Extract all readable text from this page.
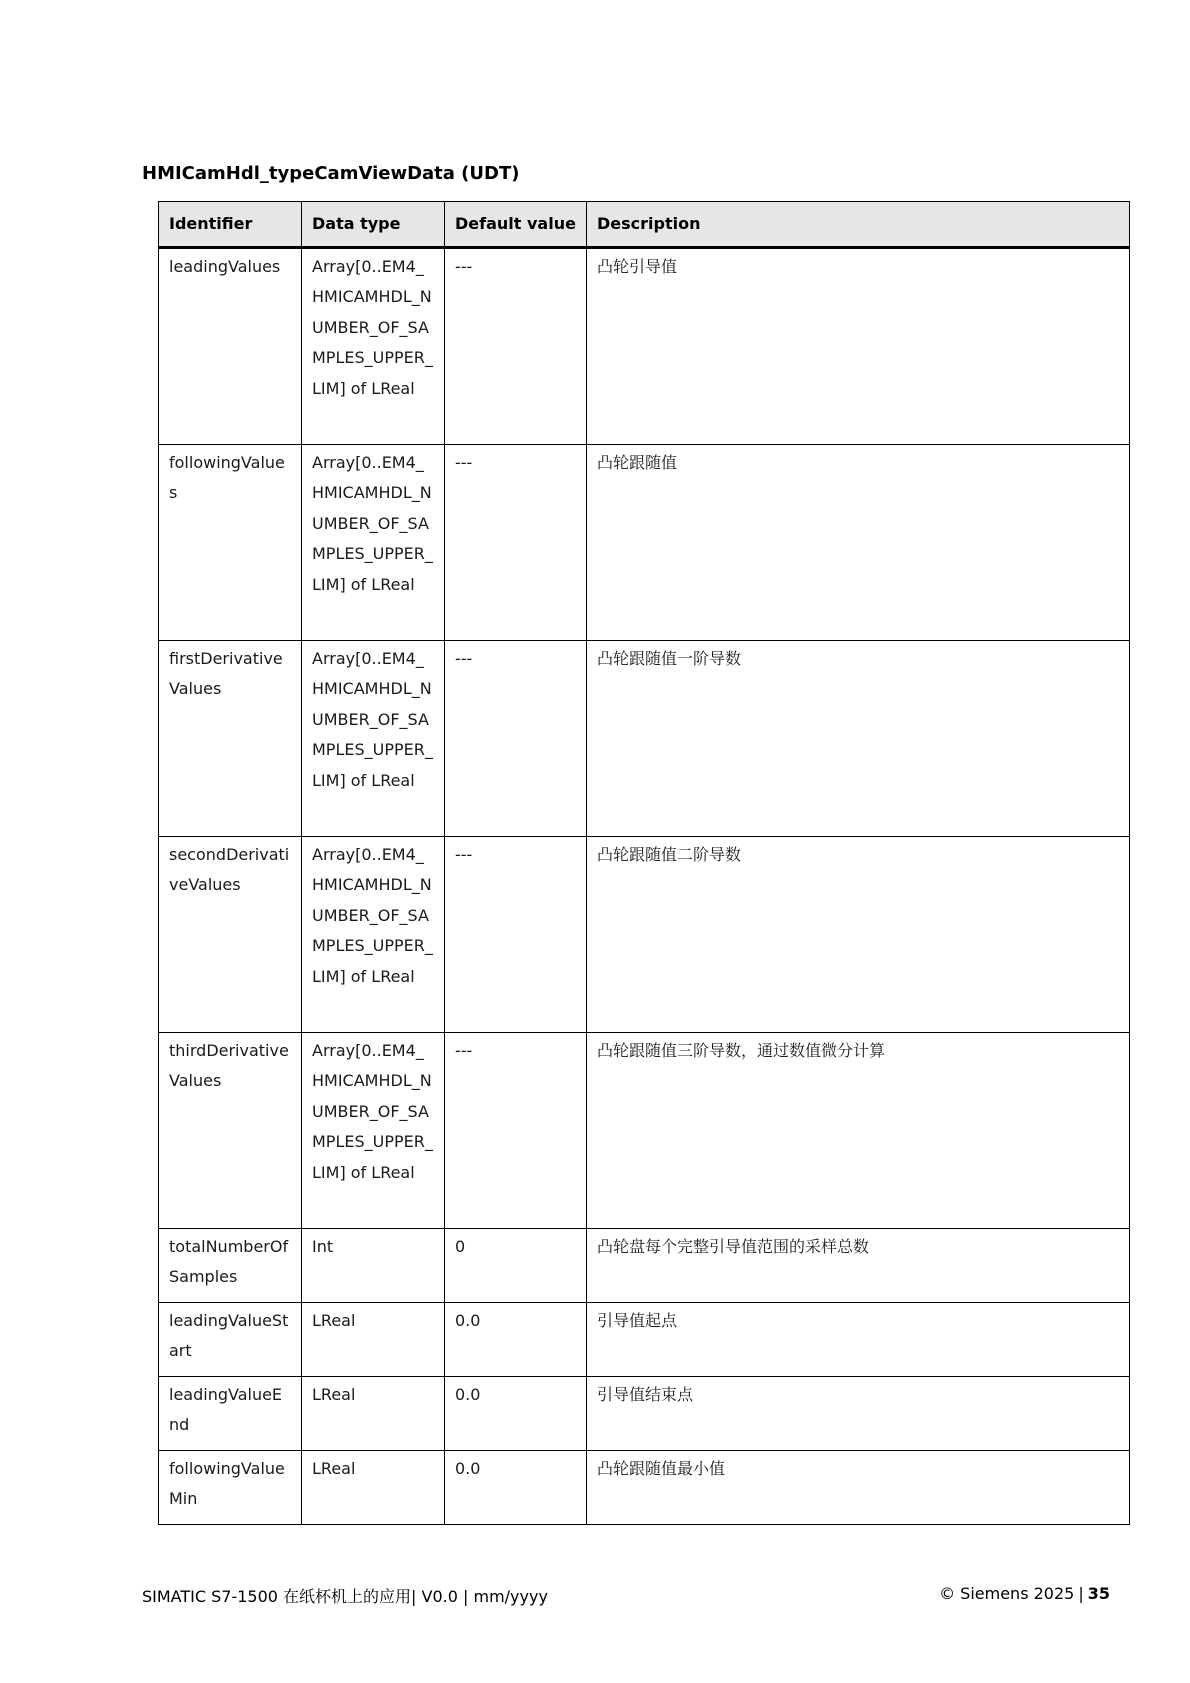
HMICamHdl_typeCamViewData (UDT)
Identifier	Data type	Default value	Description
leadingValues	Array[0..EM4_HMICAMHDL_NUMBER_OF_SAMPLES_UPPER_LIM] of LReal	---	凸轮引导值
followingValues	Array[0..EM4_HMICAMHDL_NUMBER_OF_SAMPLES_UPPER_LIM] of LReal	---	凸轮跟随值
firstDerivativeValues	Array[0..EM4_HMICAMHDL_NUMBER_OF_SAMPLES_UPPER_LIM] of LReal	---	凸轮跟随值一阶导数
secondDerivativeValues	Array[0..EM4_HMICAMHDL_NUMBER_OF_SAMPLES_UPPER_LIM] of LReal	---	凸轮跟随值二阶导数
thirdDerivativeValues	Array[0..EM4_HMICAMHDL_NUMBER_OF_SAMPLES_UPPER_LIM] of LReal	---	凸轮跟随值三阶导数，通过数值微分计算
totalNumberOfSamples	Int	0	凸轮盘每个完整引导值范围的采样总数
leadingValueStart	LReal	0.0	引导值起点
leadingValueEnd	LReal	0.0	引导值结束点
followingValueMin	LReal	0.0	凸轮跟随值最小值
SIMATIC S7-1500 在纸杯机上的应用| V0.0 | mm/yyyy	© Siemens 2025 | 35
